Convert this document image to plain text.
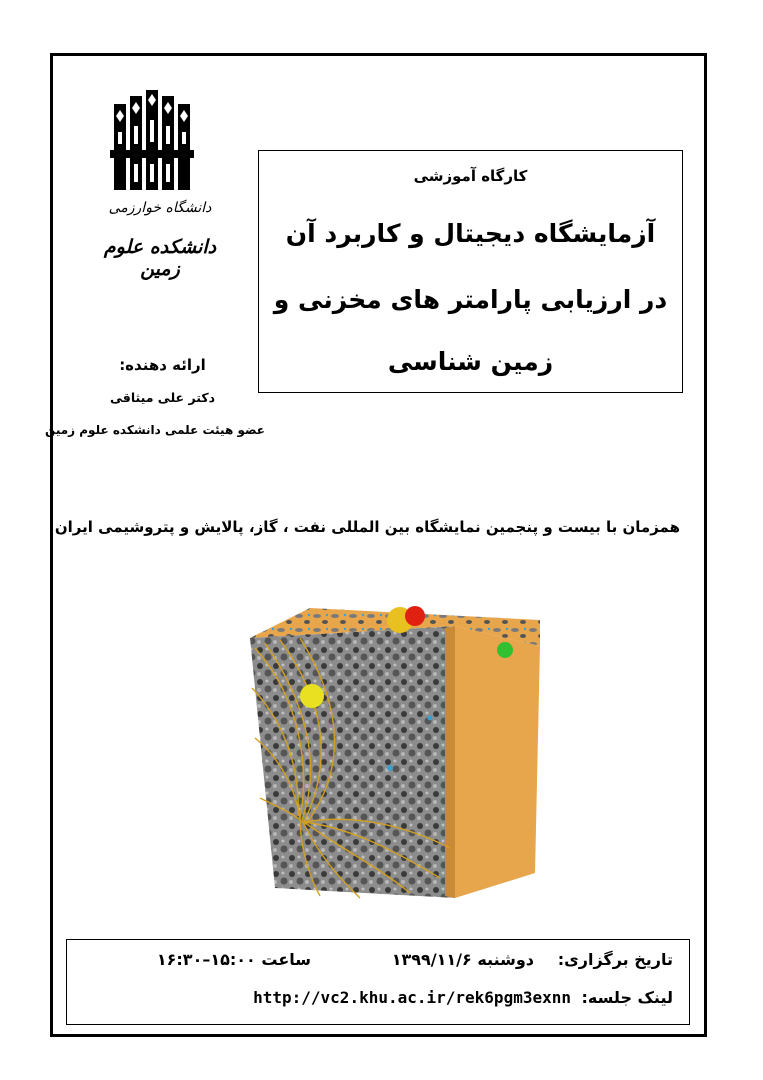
دانشگاه خوارزمی
دانشکده علوم زمین
کارگاه آموزشی
آزمایشگاه دیجیتال و کاربرد آن
در ارزیابی پارامتر های مخزنی و
زمین شناسی
ارائه دهنده:
دکتر علی میثاقی
عضو هیئت علمی دانشکده علوم زمین
همزمان با بیست و پنجمین نمایشگاه بین المللی نفت ، گاز، پالایش و پتروشیمی ایران
تاریخ برگزاری:
دوشنبه ۱۳۹۹/۱۱/۶
ساعت ۱۵:۰۰–۱۶:۳۰
لینک جلسه:
http://vc2.khu.ac.ir/rek6pgm3exnn
